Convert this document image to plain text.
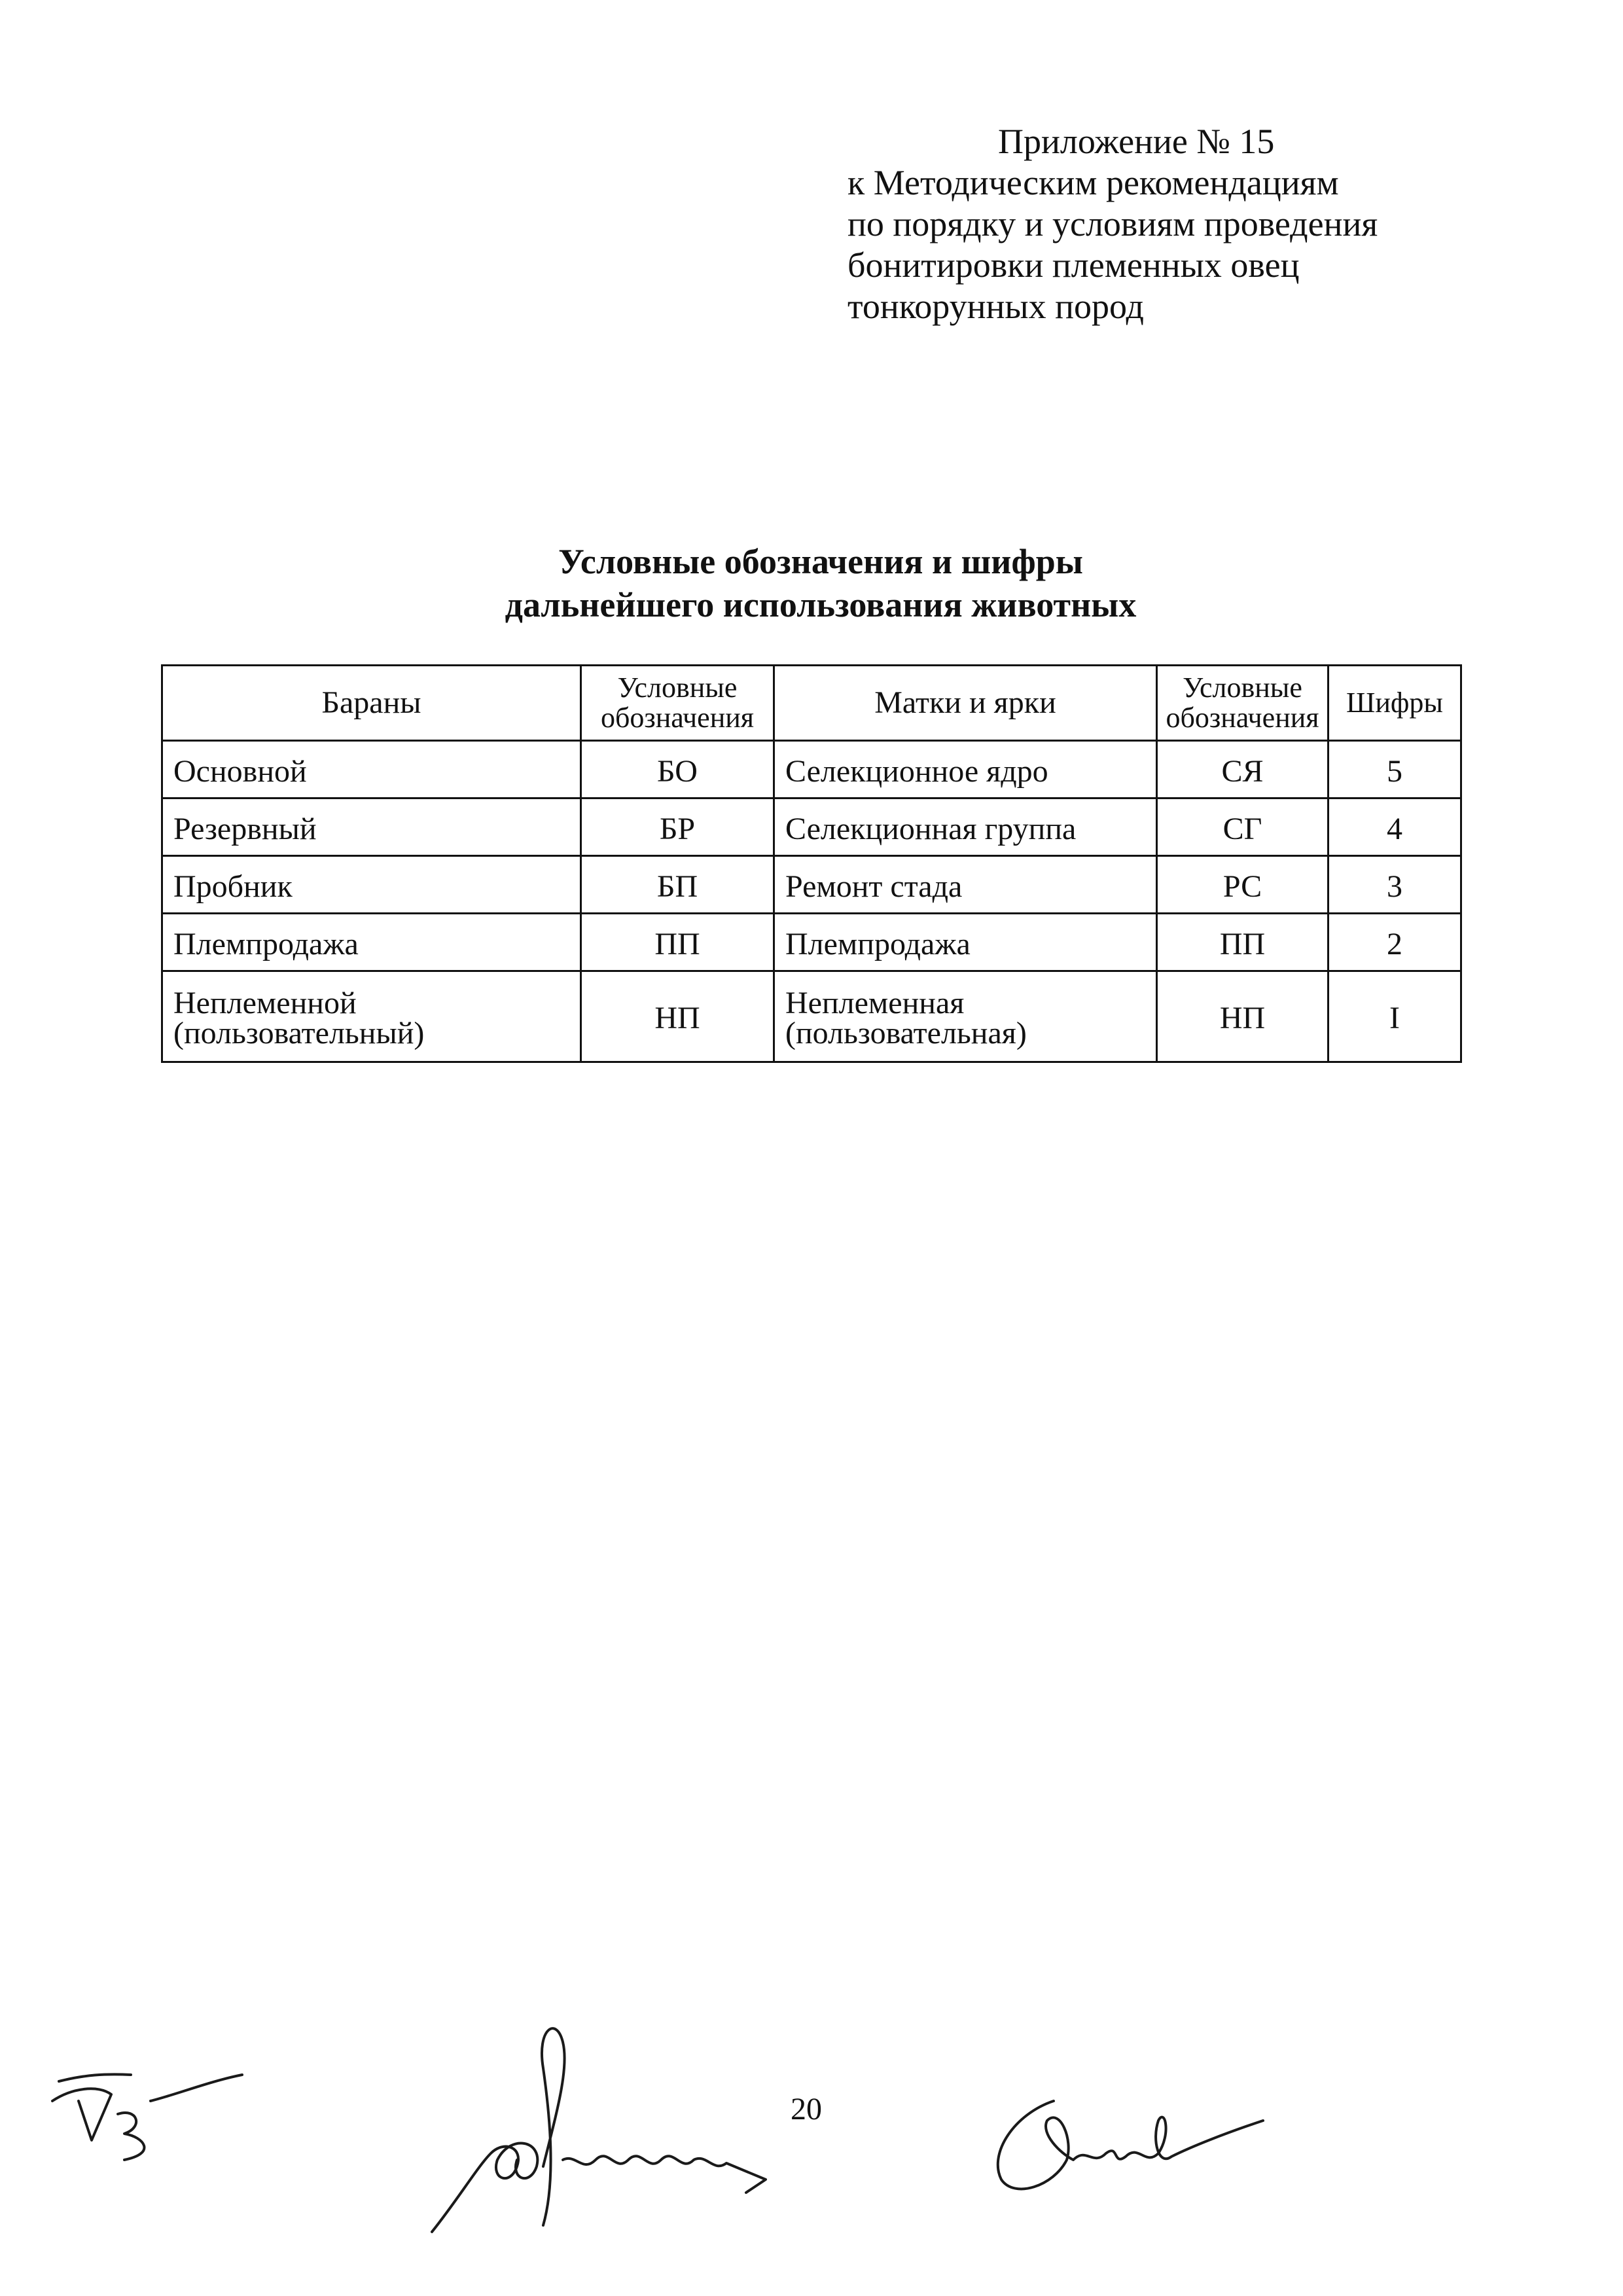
Приложение № 15
к Методическим рекомендациям
по порядку и условиям проведения
бонитировки племенных овец
тонкорунных пород
Условные обозначения и шифры
дальнейшего использования животных
Бараны	Условные обозначения	Матки и ярки	Условные обозначения	Шифры
Основной	БО	Селекционное ядро	СЯ	5
Резервный	БР	Селекционная группа	СГ	4
Пробник	БП	Ремонт стада	РС	3
Племпродажа	ПП	Племпродажа	ПП	2
Неплеменной (пользовательный)	НП	Неплеменная (пользовательная)	НП	I
20
